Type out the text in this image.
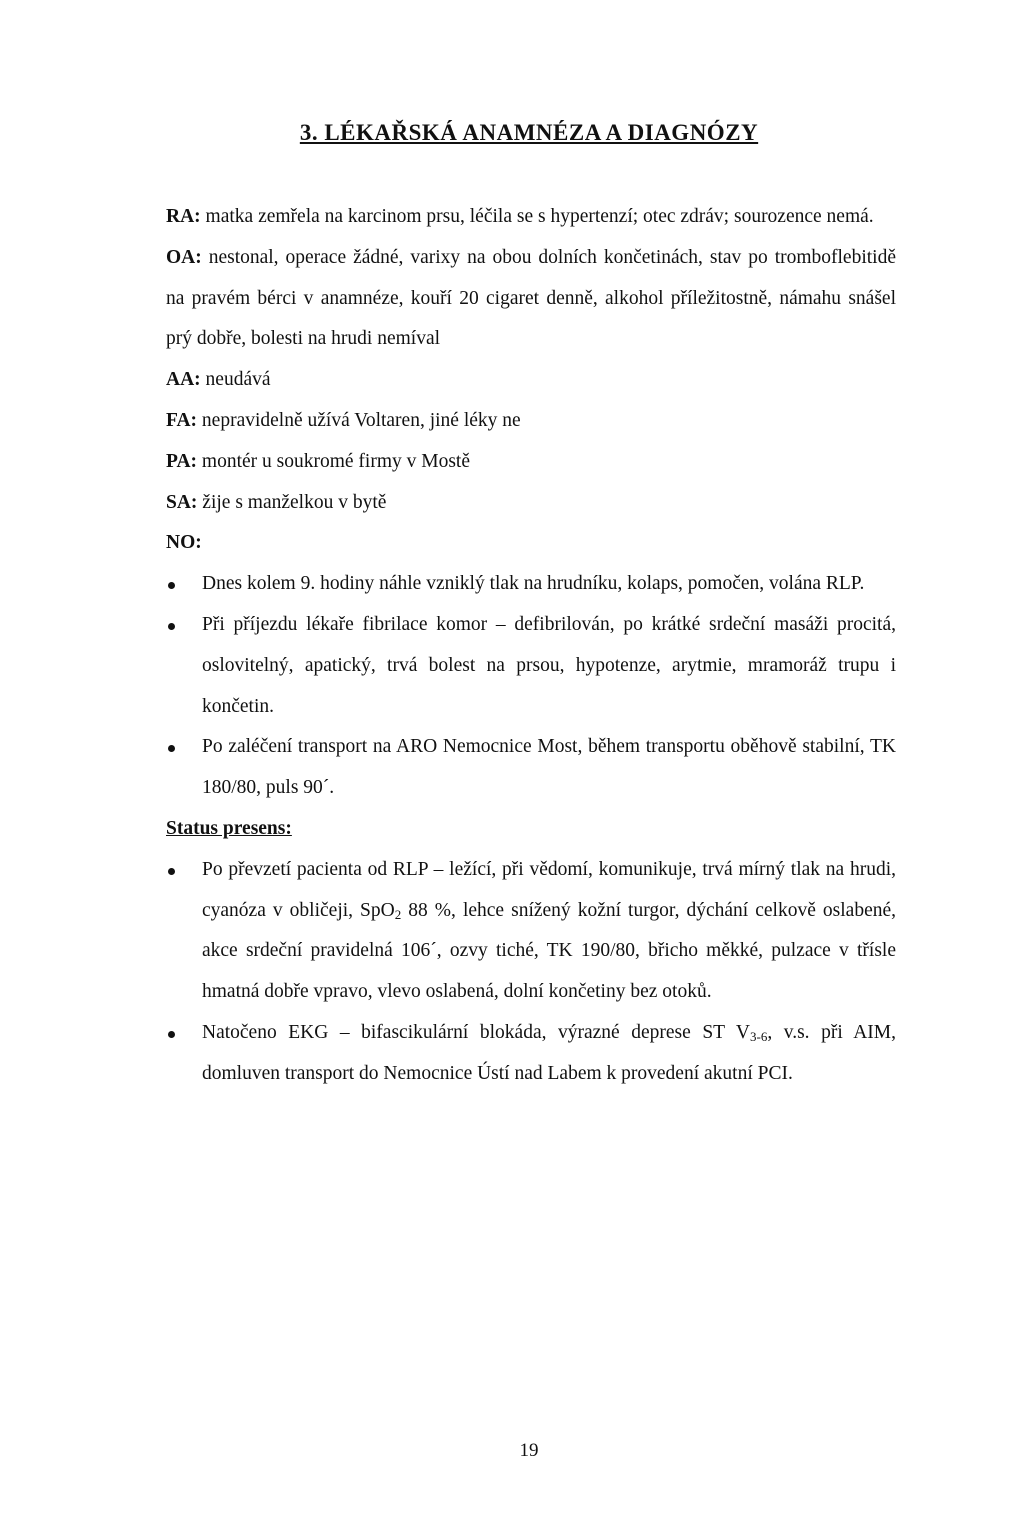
3. LÉKAŘSKÁ ANAMNÉZA A DIAGNÓZY

RA: matka zemřela na karcinom prsu, léčila se s hypertenzí; otec zdráv; sourozence nemá.

OA: nestonal, operace žádné, varixy na obou dolních končetinách, stav po tromboflebitidě na pravém bérci v anamnéze, kouří 20 cigaret denně, alkohol příležitostně, námahu snášel prý dobře, bolesti na hrudi nemíval

AA: neudává

FA: nepravidelně užívá Voltaren, jiné léky ne

PA: montér u soukromé firmy v Mostě

SA: žije s manželkou v bytě

NO:

Dnes kolem 9. hodiny náhle vzniklý tlak na hrudníku, kolaps, pomočen, volána RLP.
Při příjezdu lékaře fibrilace komor – defibrilován, po krátké srdeční masáži procitá, oslovitelný, apatický, trvá bolest na prsou, hypotenze, arytmie, mramoráž trupu i končetin.
Po zaléčení transport na ARO Nemocnice Most, během transportu oběhově stabilní, TK 180/80, puls 90´.

Status presens:

Po převzetí pacienta od RLP – ležící, při vědomí, komunikuje, trvá mírný tlak na hrudi, cyanóza v obličeji, SpO$_2$ 88 %, lehce snížený kožní turgor, dýchání celkově oslabené, akce srdeční pravidelná 106´, ozvy tiché, TK 190/80, břicho měkké, pulzace v třísle hmatná dobře vpravo, vlevo oslabená, dolní končetiny bez otoků.
Natočeno EKG – bifascikulární blokáda, výrazné deprese ST $V_{3-6}$, v.s. při AIM, domluven transport do Nemocnice Ústí nad Labem k provedení akutní PCI.
19
